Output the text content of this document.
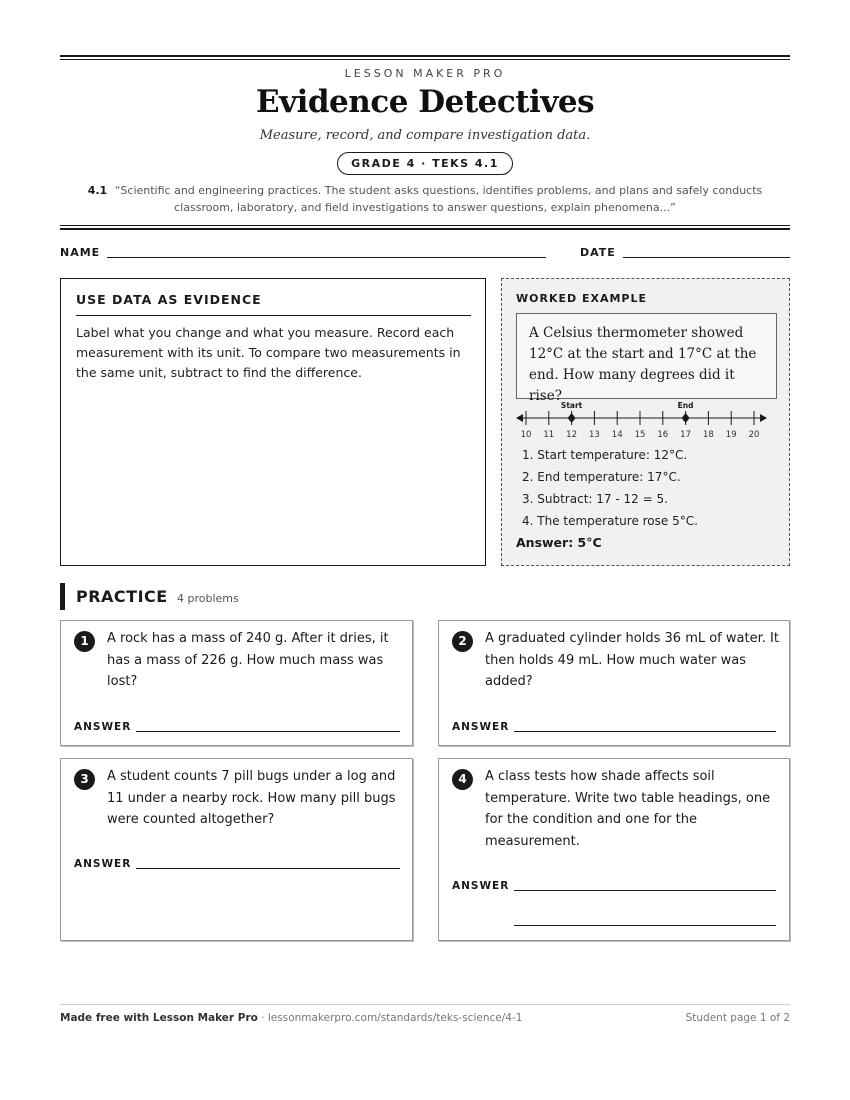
LESSON MAKER PRO
Evidence Detectives
Measure, record, and compare investigation data.
GRADE 4 · TEKS 4.1
4.1 “Scientific and engineering practices. The student asks questions, identifies problems, and plans and safely conducts classroom, laboratory, and field investigations to answer questions, explain phenomena...”
NAME	DATE
USE DATA AS EVIDENCE
Label what you change and what you measure. Record each measurement with its unit. To compare two measurements in the same unit, subtract to find the difference.
WORKED EXAMPLE
A Celsius thermometer showed 12°C at the start and 17°C at the end. How many degrees did it rise?
10 11 12 13 14 15 16 17 18 19 20
Start	End
1. Start temperature: 12°C.
2. End temperature: 17°C.
3. Subtract: 17 - 12 = 5.
4. The temperature rose 5°C.
Answer: 5°C
PRACTICE 4 problems
1	A rock has a mass of 240 g. After it dries, it has a mass of 226 g. How much mass was lost?
ANSWER
2	A graduated cylinder holds 36 mL of water. It then holds 49 mL. How much water was added?
ANSWER
3	A student counts 7 pill bugs under a log and 11 under a nearby rock. How many pill bugs were counted altogether?
ANSWER
4	A class tests how shade affects soil temperature. Write two table headings, one for the condition and one for the measurement.
ANSWER
Made free with Lesson Maker Pro · lessonmakerpro.com/standards/teks-science/4-1	Student page 1 of 2
